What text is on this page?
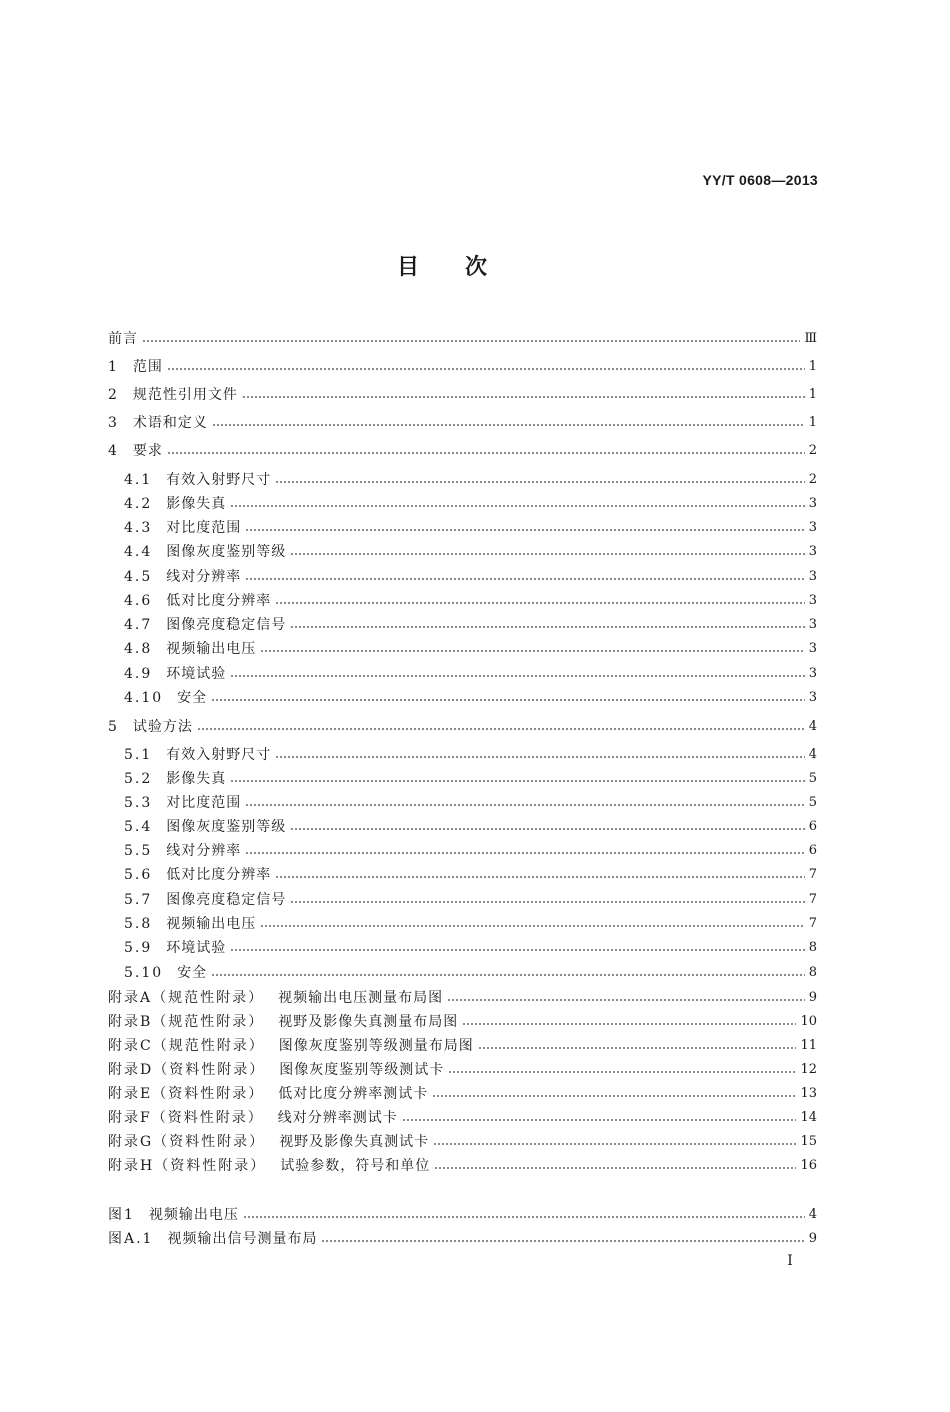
YY/T 0608—2013
目次
前言	Ⅲ
1 范围	1
2 规范性引用文件	1
3 术语和定义	1
4 要求	2
4.1 有效入射野尺寸	2
4.2 影像失真	3
4.3 对比度范围	3
4.4 图像灰度鉴别等级	3
4.5 线对分辨率	3
4.6 低对比度分辨率	3
4.7 图像亮度稳定信号	3
4.8 视频输出电压	3
4.9 环境试验	3
4.10 安全	3
5 试验方法	4
5.1 有效入射野尺寸	4
5.2 影像失真	5
5.3 对比度范围	5
5.4 图像灰度鉴别等级	6
5.5 线对分辨率	6
5.6 低对比度分辨率	7
5.7 图像亮度稳定信号	7
5.8 视频输出电压	7
5.9 环境试验	8
5.10 安全	8
附录A（规范性附录） 视频输出电压测量布局图	9
附录B（规范性附录） 视野及影像失真测量布局图	10
附录C（规范性附录） 图像灰度鉴别等级测量布局图	11
附录D（资料性附录） 图像灰度鉴别等级测试卡	12
附录E（资料性附录） 低对比度分辨率测试卡	13
附录F（资料性附录） 线对分辨率测试卡	14
附录G（资料性附录） 视野及影像失真测试卡	15
附录H（资料性附录） 试验参数，符号和单位	16
图1 视频输出电压	4
图A.1 视频输出信号测量布局	9
I
